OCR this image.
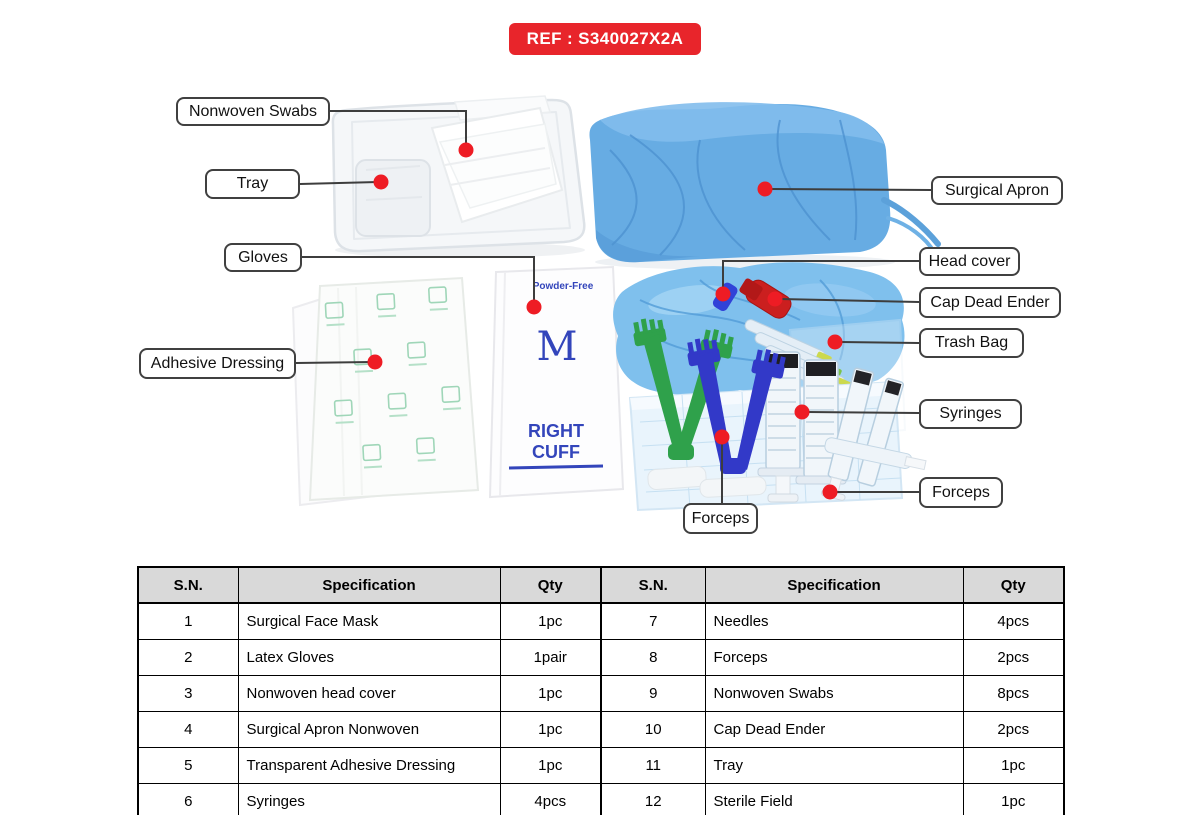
REF : S340027X2A
Powder-Free
M
RIGHT
CUFF
Nonwoven Swabs
Tray
Gloves
Adhesive Dressing
Surgical Apron
Head cover
Cap Dead Ender
Trash Bag
Syringes
Forceps
Forceps
S.N.	Specification	Qty	S.N.	Specification	Qty
1	Surgical Face Mask	1pc	7	Needles	4pcs
2	Latex Gloves	1pair	8	Forceps	2pcs
3	Nonwoven head cover	1pc	9	Nonwoven Swabs	8pcs
4	Surgical Apron Nonwoven	1pc	10	Cap Dead Ender	2pcs
5	Transparent Adhesive Dressing	1pc	11	Tray	1pc
6	Syringes	4pcs	12	Sterile Field	1pc
